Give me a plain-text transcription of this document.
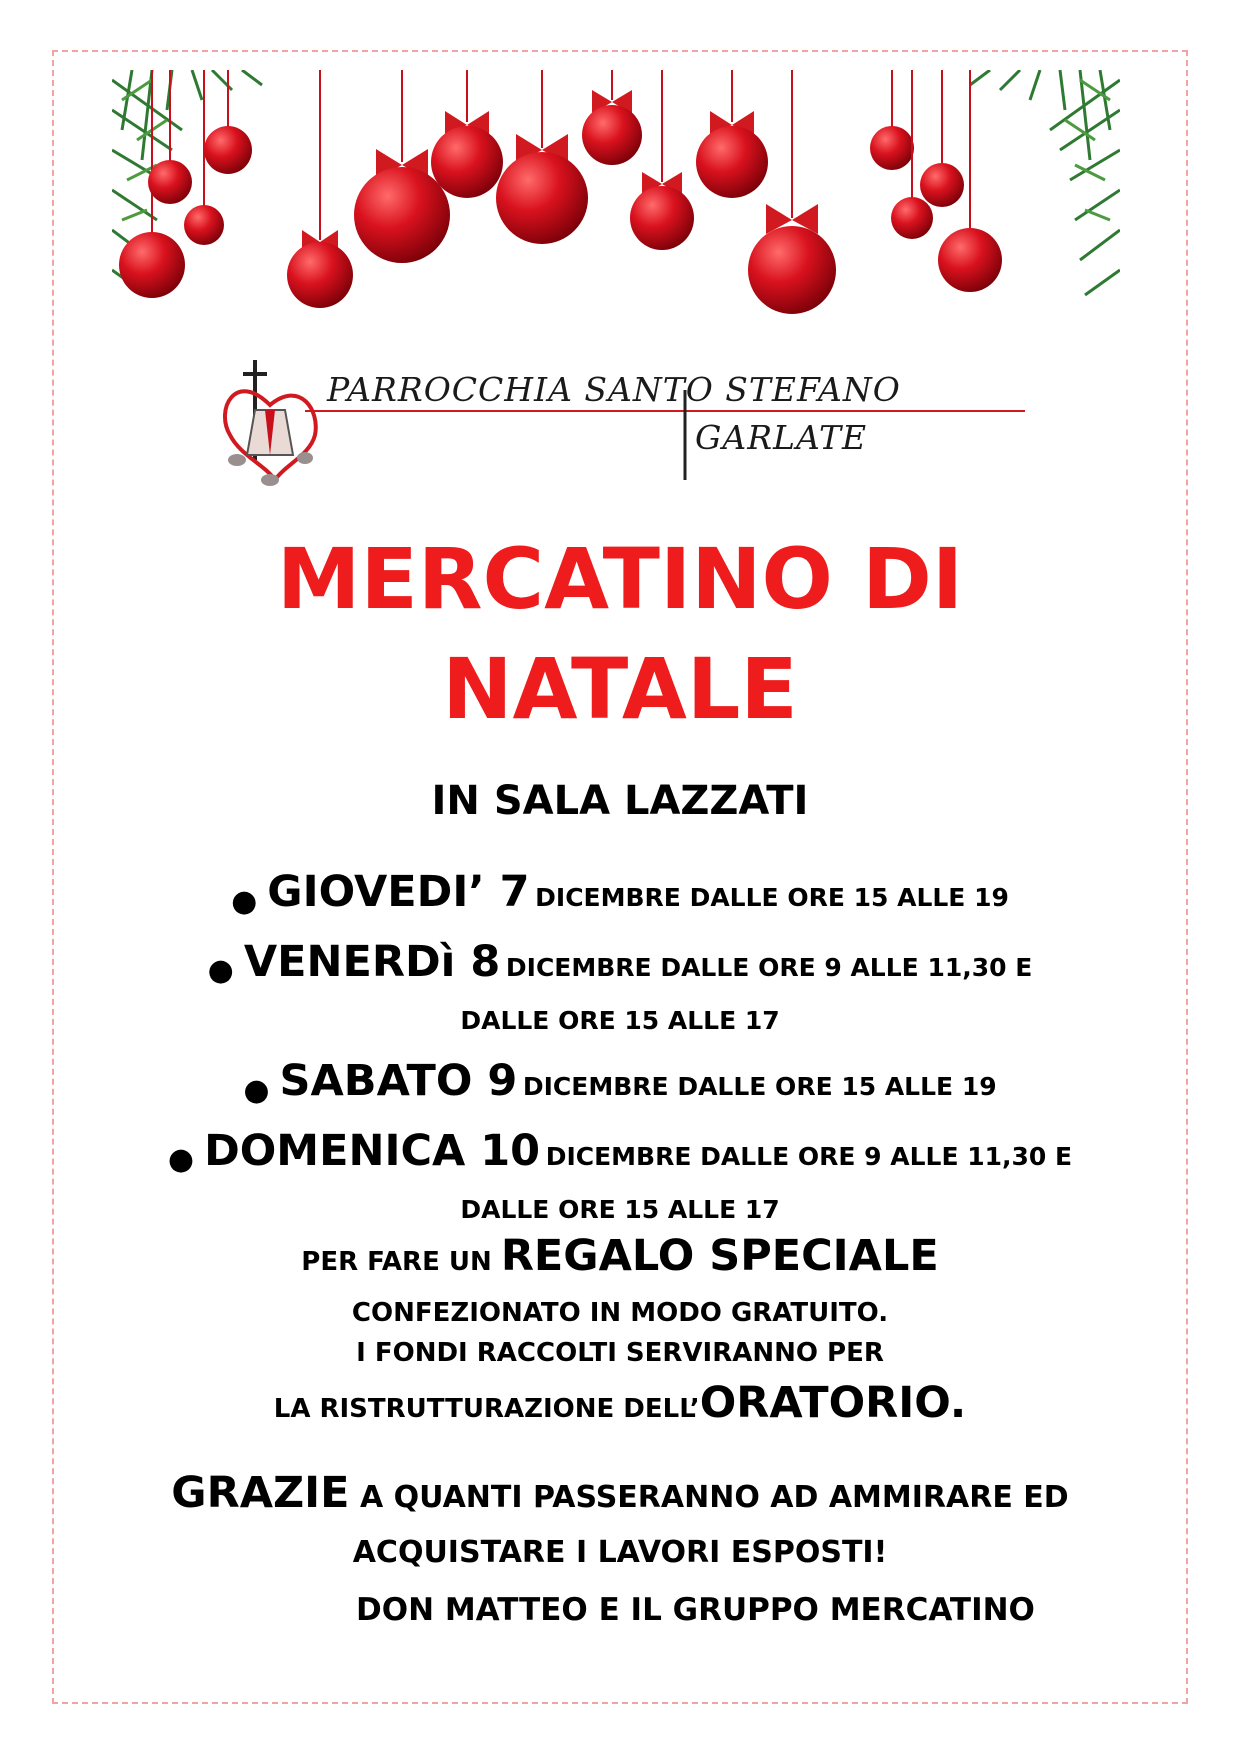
PARROCCHIA SANTO STEFANO
GARLATE
MERCATINO DI
NATALE
IN SALA LAZZATI
● GIOVEDI’ 7 DICEMBRE DALLE ORE 15 ALLE 19
● VENERDì 8 DICEMBRE DALLE ORE 9 ALLE 11,30 E
DALLE ORE 15 ALLE 17
● SABATO 9 DICEMBRE DALLE ORE 15 ALLE 19
● DOMENICA 10 DICEMBRE DALLE ORE 9 ALLE 11,30 E
DALLE ORE 15 ALLE 17
PER FARE UN REGALO SPECIALE
CONFEZIONATO IN MODO GRATUITO.
I FONDI RACCOLTI SERVIRANNO PER
LA RISTRUTTURAZIONE DELL’ORATORIO.
GRAZIE A QUANTI PASSERANNO AD AMMIRARE ED
ACQUISTARE I LAVORI ESPOSTI!
DON MATTEO E IL GRUPPO MERCATINO
